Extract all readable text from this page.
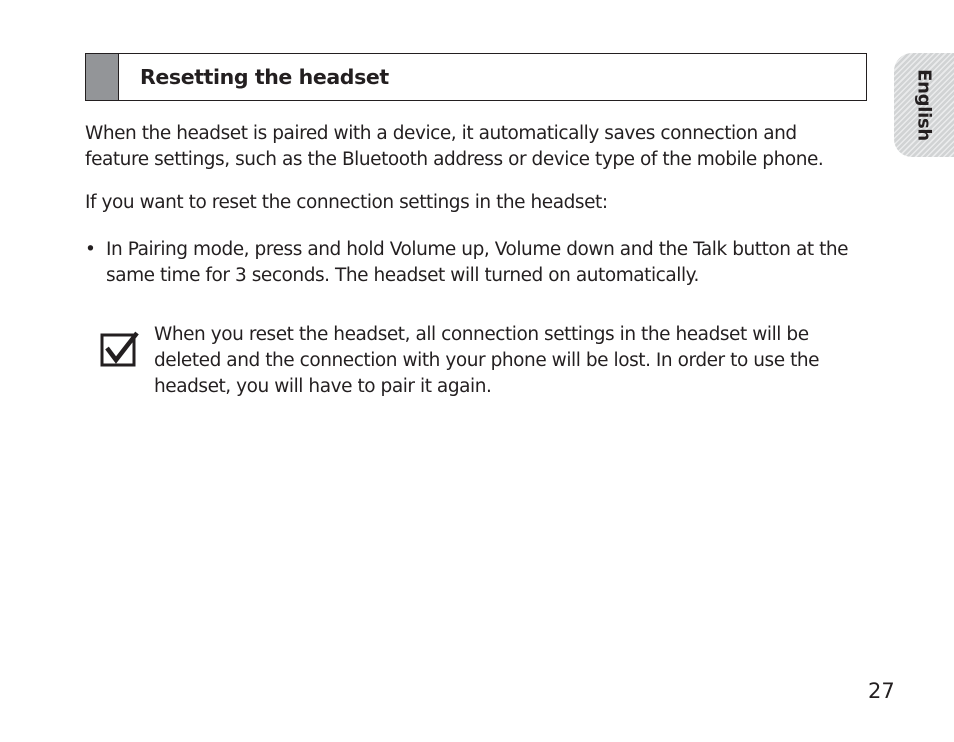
Resetting the headset
When the headset is paired with a device, it automatically saves connection and
feature settings, such as the Bluetooth address or device type of the mobile phone.
If you want to reset the connection settings in the headset:
• In Pairing mode, press and hold Volume up, Volume down and the Talk button at the
same time for 3 seconds. The headset will turned on automatically.
When you reset the headset, all connection settings in the headset will be
deleted and the connection with your phone will be lost. In order to use the
headset, you will have to pair it again.
English
27
